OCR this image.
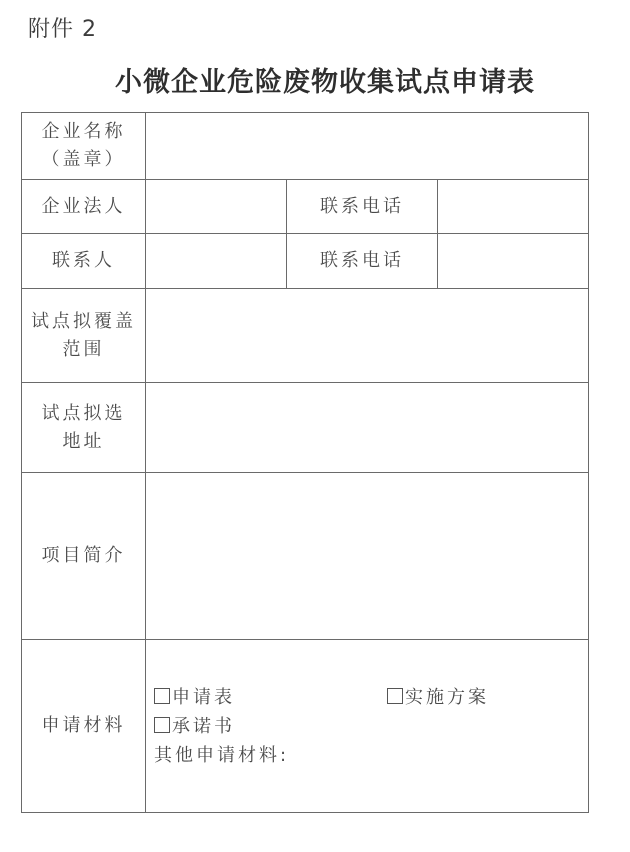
附件 2
小微企业危险废物收集试点申请表
企业名称
（盖章）			

企业法人		联系电话	
联系人		联系电话	

试点拟覆盖
范围			

试点拟选
地址			

项目简介			
申请材料	申请表 实施方案
承诺书
其他申请材料:		
